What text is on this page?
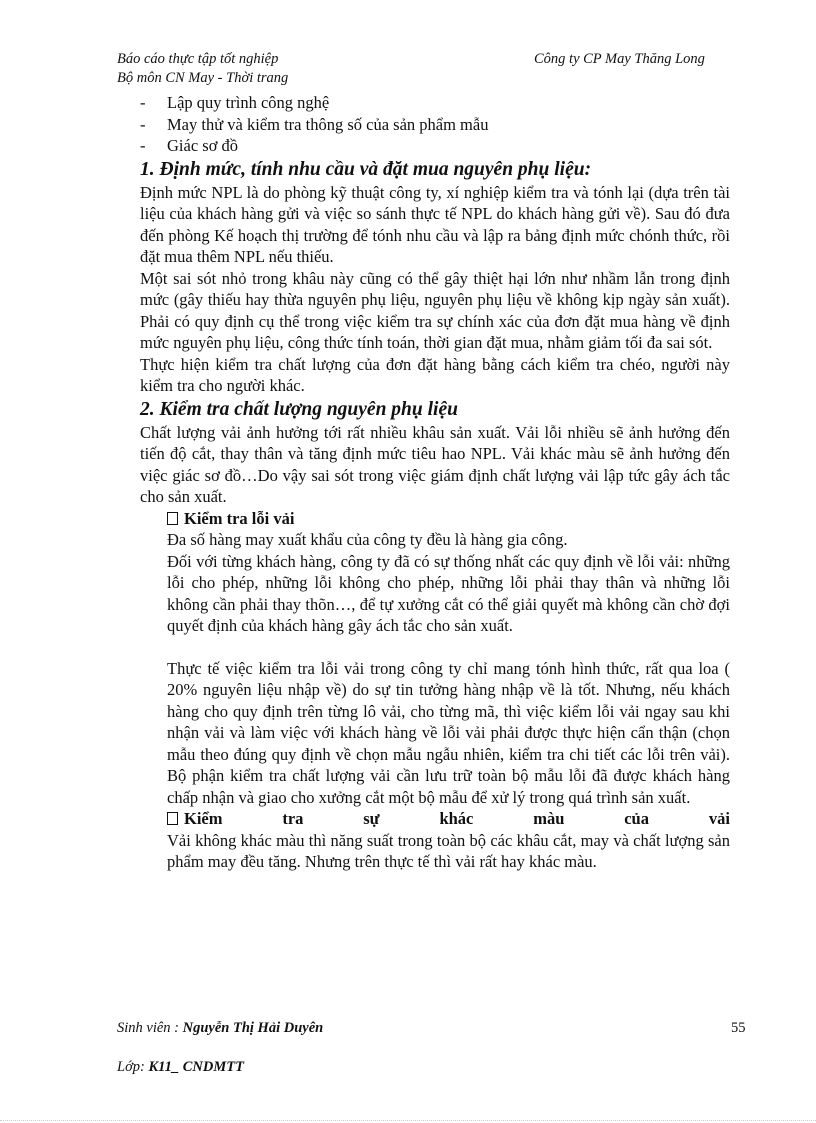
Báo cáo thực tập tốt nghiệp
Bộ môn CN May - Thời trang
Công ty CP May Thăng Long
- Lập quy trình công nghệ
- May thử và kiểm tra thông số của sản phẩm mẫu
- Giác sơ đồ
1. Định mức, tính nhu cầu và đặt mua nguyên phụ liệu:

Định mức NPL là do phòng kỹ thuật công ty, xí nghiệp kiểm tra và tónh lại (dựa trên tài liệu của khách hàng gửi và việc so sánh thực tế NPL do khách hàng gửi về). Sau đó đưa đến phòng Kế hoạch thị trường để tónh nhu cầu và lập ra bảng định mức chónh thức, rồi đặt mua thêm NPL nếu thiếu.

Một sai sót nhỏ trong khâu này cũng có thể gây thiệt hại lớn như nhầm lẫn trong định mức (gây thiếu hay thừa nguyên phụ liệu, nguyên phụ liệu về không kịp ngày sản xuất).

Phải có quy định cụ thể trong việc kiểm tra sự chính xác của đơn đặt mua hàng về định mức nguyên phụ liệu, công thức tính toán, thời gian đặt mua, nhằm giảm tối đa sai sót.

Thực hiện kiểm tra chất lượng của đơn đặt hàng bằng cách kiểm tra chéo, người này kiểm tra cho người khác.

2. Kiểm tra chất lượng nguyên phụ liệu

Chất lượng vải ảnh hưởng tới rất nhiều khâu sản xuất. Vải lỗi nhiều sẽ ảnh hưởng đến tiến độ cắt, thay thân và tăng định mức tiêu hao NPL. Vải khác màu sẽ ảnh hưởng đến việc giác sơ đồ…Do vậy sai sót trong việc giám định chất lượng vải lập tức gây ách tắc cho sản xuất.

Kiểm tra lỗi vải

Đa số hàng may xuất khẩu của công ty đều là hàng gia công.

Đối với từng khách hàng, công ty đã có sự thống nhất các quy định về lỗi vải: những lỗi cho phép, những lỗi không cho phép, những lỗi phải thay thân và những lỗi không cần phải thay thõn…, để tự xưởng cắt có thể giải quyết mà không cần chờ đợi quyết định của khách hàng gây ách tắc cho sản xuất.

Thực tế việc kiểm tra lỗi vải trong công ty chỉ mang tónh hình thức, rất qua loa ( 20% nguyên liệu nhập về) do sự tin tưởng hàng nhập về là tốt. Nhưng, nếu khách hàng cho quy định trên từng lô vải, cho từng mã, thì việc kiểm lỗi vải ngay sau khi nhận vải và làm việc với khách hàng về lỗi vải phải được thực hiện cẩn thận (chọn mẫu theo đúng quy định về chọn mẫu ngẫu nhiên, kiểm tra chi tiết các lỗi trên vải). Bộ phận kiểm tra chất lượng vải cần lưu trữ toàn bộ mẫu lỗi đã được khách hàng chấp nhận và giao cho xưởng cắt một bộ mẫu để xử lý trong quá trình sản xuất.

Kiểm	tra	sự	khác	màu	của	vải

Vải không khác màu thì năng suất trong toàn bộ các khâu cắt, may và chất lượng sản phẩm may đều tăng. Nhưng trên thực tế thì vải rất hay khác màu.

Sinh viên : Nguyễn Thị Hải Duyên	55
Lớp: K11_ CNDMTT
